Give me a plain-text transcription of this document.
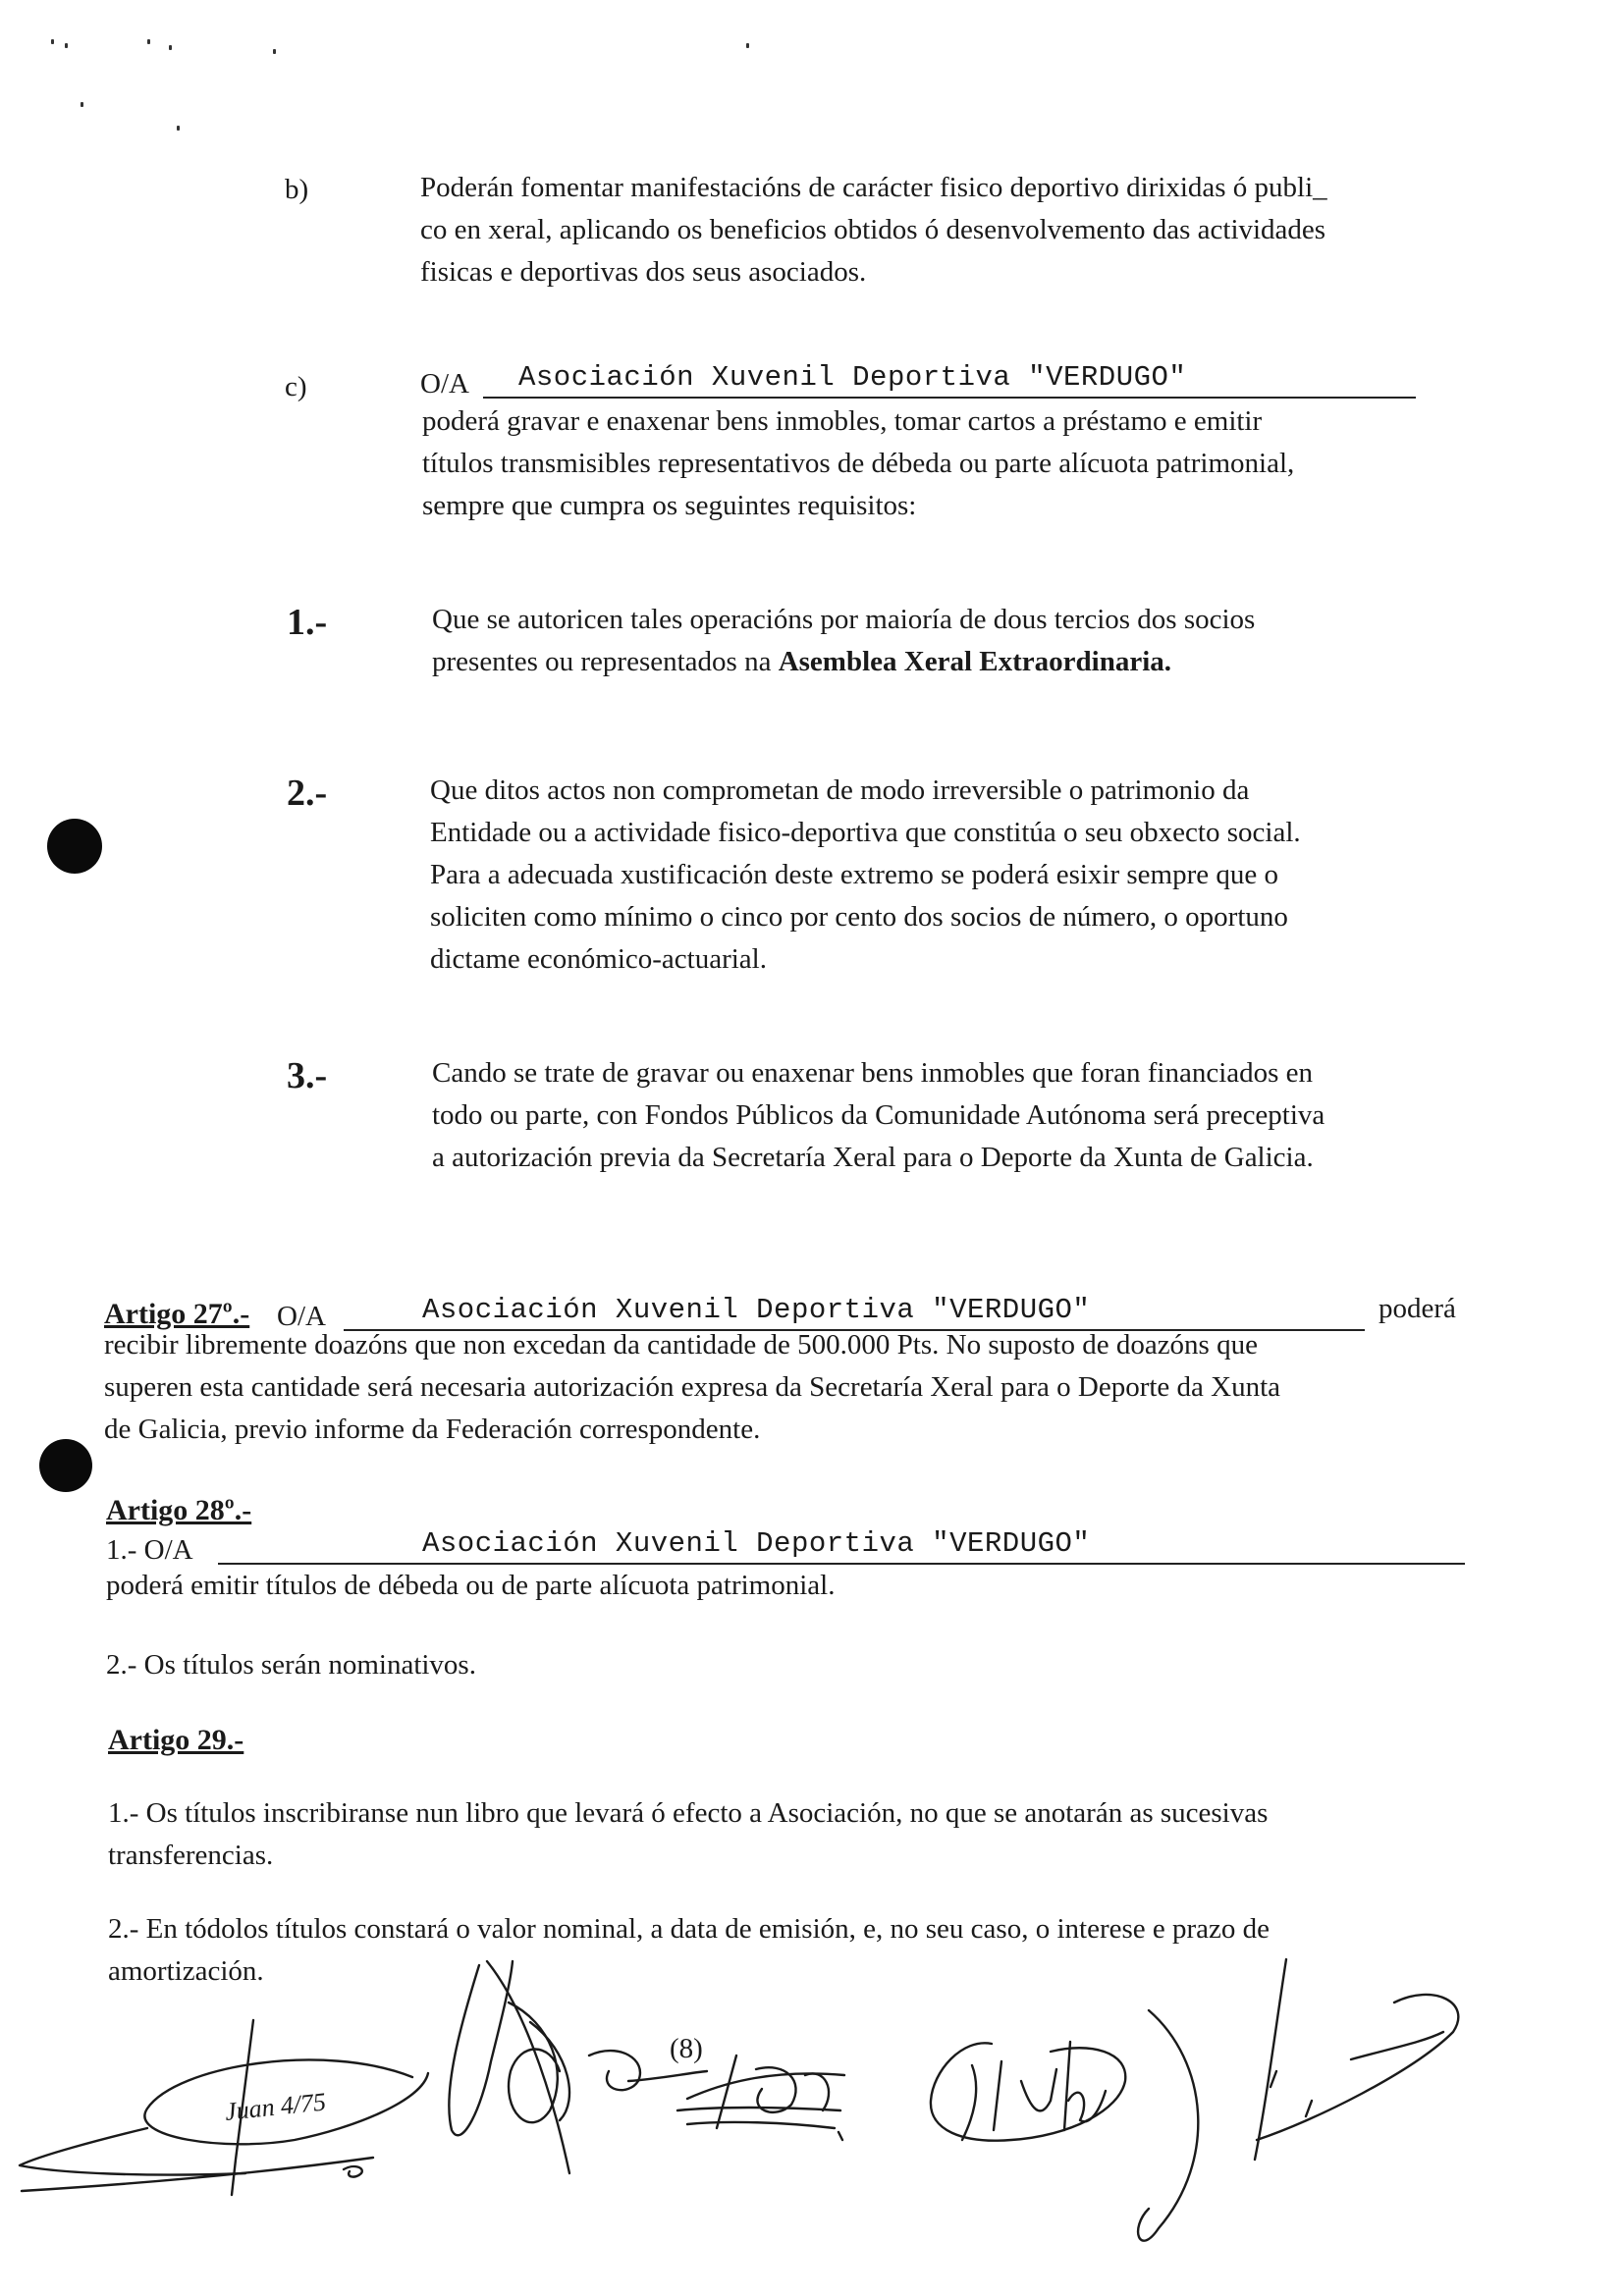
b)	Poderán fomentar manifestacións de carácter fisico deportivo dirixidas ó publi_
co en xeral, aplicando os beneficios obtidos ó desenvolvemento das actividades
fisicas e deportivas dos seus asociados.
c)	O/A	Asociación Xuvenil Deportiva "VERDUGO"
poderá gravar e enaxenar bens inmobles, tomar cartos a préstamo e emitir
títulos transmisibles representativos de débeda ou parte alícuota patrimonial,
sempre que cumpra os seguintes requisitos:
1.-	Que se autoricen tales operacións por maioría de dous tercios dos socios
presentes ou representados na Asemblea Xeral Extraordinaria.
2.-	Que ditos actos non comprometan de modo irreversible o patrimonio da
Entidade ou a actividade fisico-deportiva que constitúa o seu obxecto social.
Para a adecuada xustificación deste extremo se poderá esixir sempre que o
soliciten como mínimo o cinco por cento dos socios de número, o oportuno
dictame económico-actuarial.
3.-	Cando se trate de gravar ou enaxenar bens inmobles que foran financiados en
todo ou parte, con Fondos Públicos da Comunidade Autónoma será preceptiva
a autorización previa da Secretaría Xeral para o Deporte da Xunta de Galicia.
Artigo 27º.- O/A	Asociación Xuvenil Deportiva "VERDUGO"	poderá
recibir libremente doazóns que non excedan da cantidade de 500.000 Pts. No suposto de doazóns que
superen esta cantidade será necesaria autorización expresa da Secretaría Xeral para o Deporte da Xunta
de Galicia, previo informe da Federación correspondente.
Artigo 28º.-
1.- O/A	Asociación Xuvenil Deportiva "VERDUGO"
poderá emitir títulos de débeda ou de parte alícuota patrimonial.
2.- Os títulos serán nominativos.
Artigo 29.-
1.- Os títulos inscribiranse nun libro que levará ó efecto a Asociación, no que se anotarán as sucesivas
transferencias.
2.- En tódolos títulos constará o valor nominal, a data de emisión, e, no seu caso, o interese e prazo de
amortización.
(8)
Juan 4/75
